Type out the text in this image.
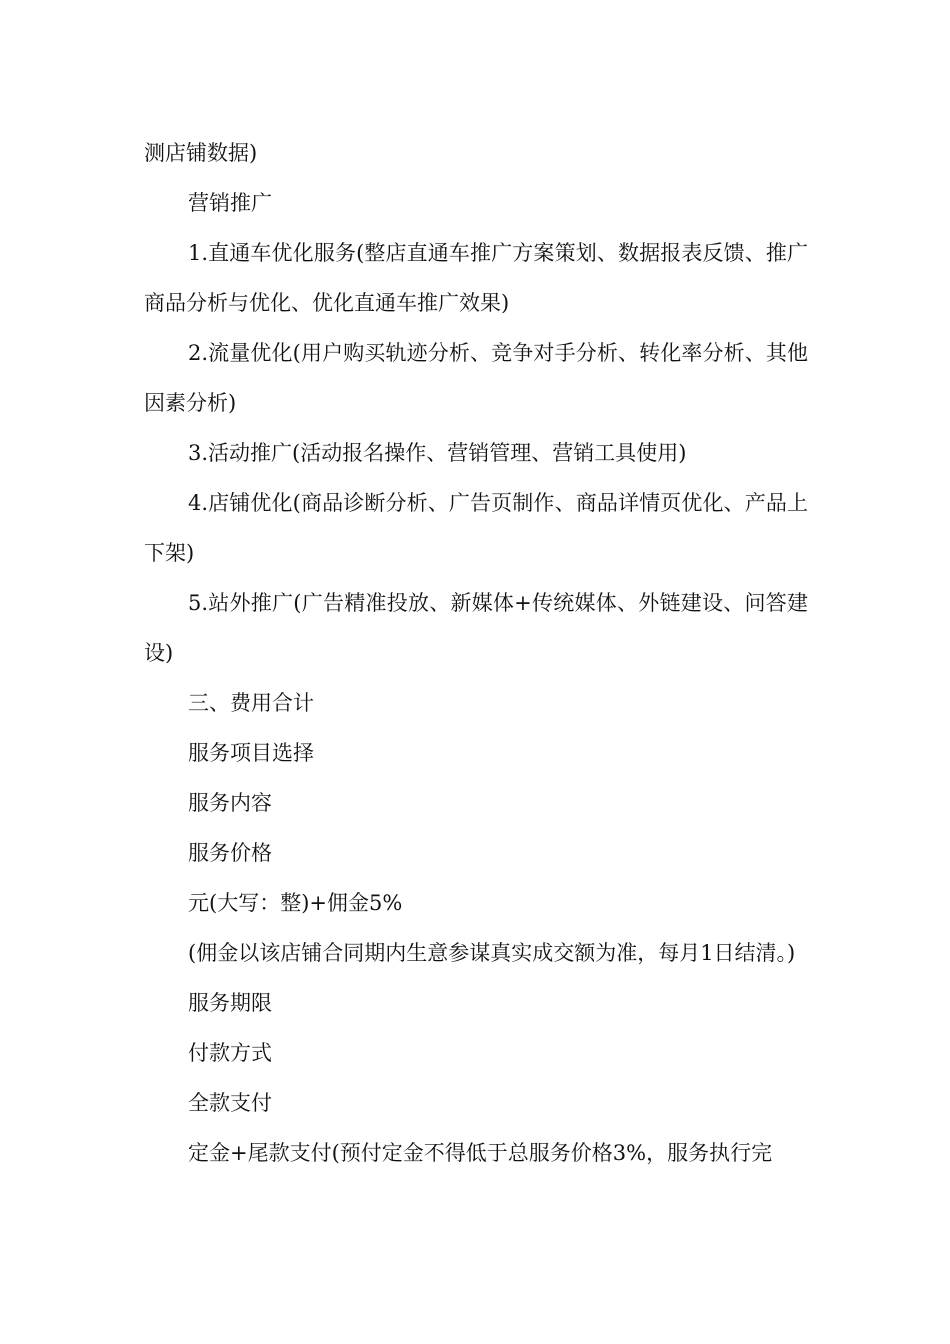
测店铺数据)

营销推广

1.直通车优化服务(整店直通车推广方案策划、数据报表反馈、推广商品分析与优化、优化直通车推广效果)

2.流量优化(用户购买轨迹分析、竞争对手分析、转化率分析、其他因素分析)

3.活动推广(活动报名操作、营销管理、营销工具使用)

4.店铺优化(商品诊断分析、广告页制作、商品详情页优化、产品上下架)

5.站外推广(广告精准投放、新媒体+传统媒体、外链建设、问答建设)

三、费用合计

服务项目选择

服务内容

服务价格

元(大写：整)+佣金5%

(佣金以该店铺合同期内生意参谋真实成交额为准，每月1日结清。)

服务期限

付款方式

全款支付

定金+尾款支付(预付定金不得低于总服务价格3%，服务执行完
